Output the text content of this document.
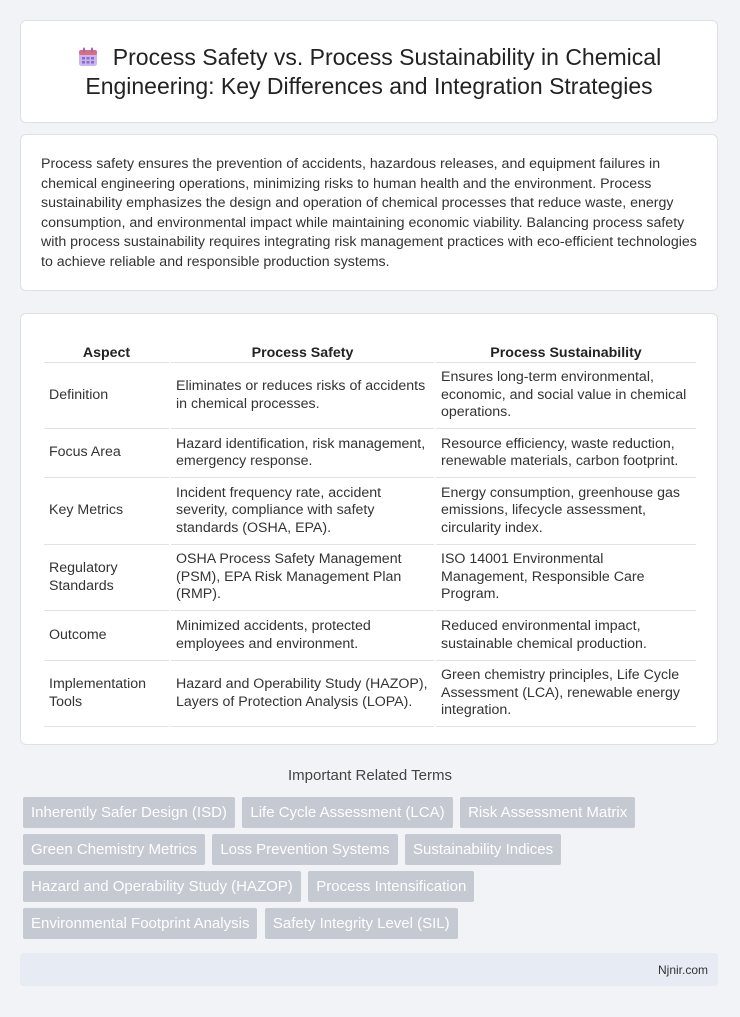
Process Safety vs. Process Sustainability in Chemical Engineering: Key Differences and Integration Strategies

Process safety ensures the prevention of accidents, hazardous releases, and equipment failures in chemical engineering operations, minimizing risks to human health and the environment. Process sustainability emphasizes the design and operation of chemical processes that reduce waste, energy consumption, and environmental impact while maintaining economic viability. Balancing process safety with process sustainability requires integrating risk management practices with eco-efficient technologies to achieve reliable and responsible production systems.

Aspect	Process Safety	Process Sustainability
Definition	Eliminates or reduces risks of accidents in chemical processes.	Ensures long-term environmental, economic, and social value in chemical operations.
Focus Area	Hazard identification, risk management, emergency response.	Resource efficiency, waste reduction, renewable materials, carbon footprint.
Key Metrics	Incident frequency rate, accident severity, compliance with safety standards (OSHA, EPA).	Energy consumption, greenhouse gas emissions, lifecycle assessment, circularity index.
Regulatory Standards	OSHA Process Safety Management (PSM), EPA Risk Management Plan (RMP).	ISO 14001 Environmental Management, Responsible Care Program.
Outcome	Minimized accidents, protected employees and environment.	Reduced environmental impact, sustainable chemical production.
Implementation Tools	Hazard and Operability Study (HAZOP), Layers of Protection Analysis (LOPA).	Green chemistry principles, Life Cycle Assessment (LCA), renewable energy integration.
Important Related Terms
Inherently Safer Design (ISD) Life Cycle Assessment (LCA) Risk Assessment Matrix
Green Chemistry Metrics Loss Prevention Systems Sustainability Indices
Hazard and Operability Study (HAZOP) Process Intensification
Environmental Footprint Analysis Safety Integrity Level (SIL)
Njnir.com
